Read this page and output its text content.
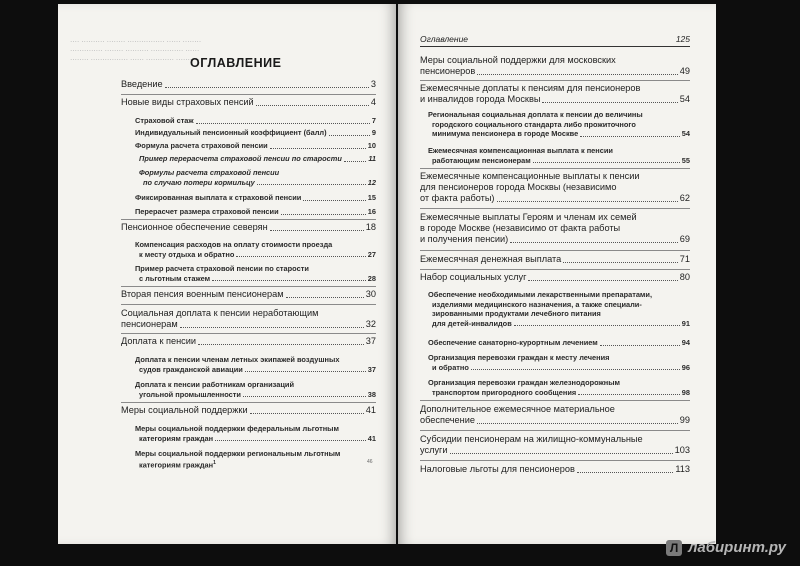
‥‥ ‥‥‥‥‥ ‥‥‥‥ ‥‥‥‥‥‥‥‥ ‥‥‥ ‥‥‥‥
‥‥‥‥‥‥‥ ‥‥‥‥ ‥‥‥‥‥ ‥‥‥‥‥‥‥ ‥‥‥
‥‥‥‥ ‥‥‥‥‥‥‥‥ ‥‥‥ ‥‥‥‥‥‥ ‥‥‥‥‥
ОГЛАВЛЕНИЕ
Оглавление	125
Введение	3
Новые виды страховых пенсий	4
Страховой стаж	7
Индивидуальный пенсионный коэффициент (балл)	9
Формула расчета страховой пенсии	10
Пример перерасчета страховой пенсии по старости	11
Формулы расчета страховой пенсии
по случаю потери кормильцу	12
Фиксированная выплата к страховой пенсии	15
Перерасчет размера страховой пенсии	16
Пенсионное обеспечение северян	18
Компенсация расходов на оплату стоимости проезда
к месту отдыха и обратно	27
Пример расчета страховой пенсии по старости
с льготным стажем	28
Вторая пенсия военным пенсионерам	30
Социальная доплата к пенсии неработающим
пенсионерам	32
Доплата к пенсии	37
Доплата к пенсии членам летных экипажей воздушных
судов гражданской авиации	37
Доплата к пенсии работникам организаций
угольной промышленности	38
Меры социальной поддержки	41
Меры социальной поддержки федеральным льготным
категориям граждан	41
Меры социальной поддержки региональным льготным
категориям граждан$^1$	46
Меры социальной поддержки для московских
пенсионеров	49
Ежемесячные доплаты к пенсиям для пенсионеров
и инвалидов города Москвы	54
Региональная социальная доплата к пенсии до величины
городского социального стандарта либо прожиточного
минимума пенсионера в городе Москве	54
Ежемесячная компенсационная выплата к пенсии
работающим пенсионерам	55
Ежемесячные компенсационные выплаты к пенсии
для пенсионеров города Москвы (независимо
от факта работы)	62
Ежемесячные выплаты Героям и членам их семей
в городе Москве (независимо от факта работы
и получения пенсии)	69
Ежемесячная денежная выплата	71
Набор социальных услуг	80
Обеспечение необходимыми лекарственными препаратами,
изделиями медицинского назначения, а также специали-
зированными продуктами лечебного питания
для детей-инвалидов	91
Обеспечение санаторно-курортным лечением	94
Организация перевозки граждан к месту лечения
и обратно	96
Организация перевозки граждан железнодорожным
транспортом пригородного сообщения	98
Дополнительное ежемесячное материальное
обеспечение	99
Субсидии пенсионерам на жилищно-коммунальные
услуги	103
Налоговые льготы для пенсионеров	113
Л лабиринт.ру
